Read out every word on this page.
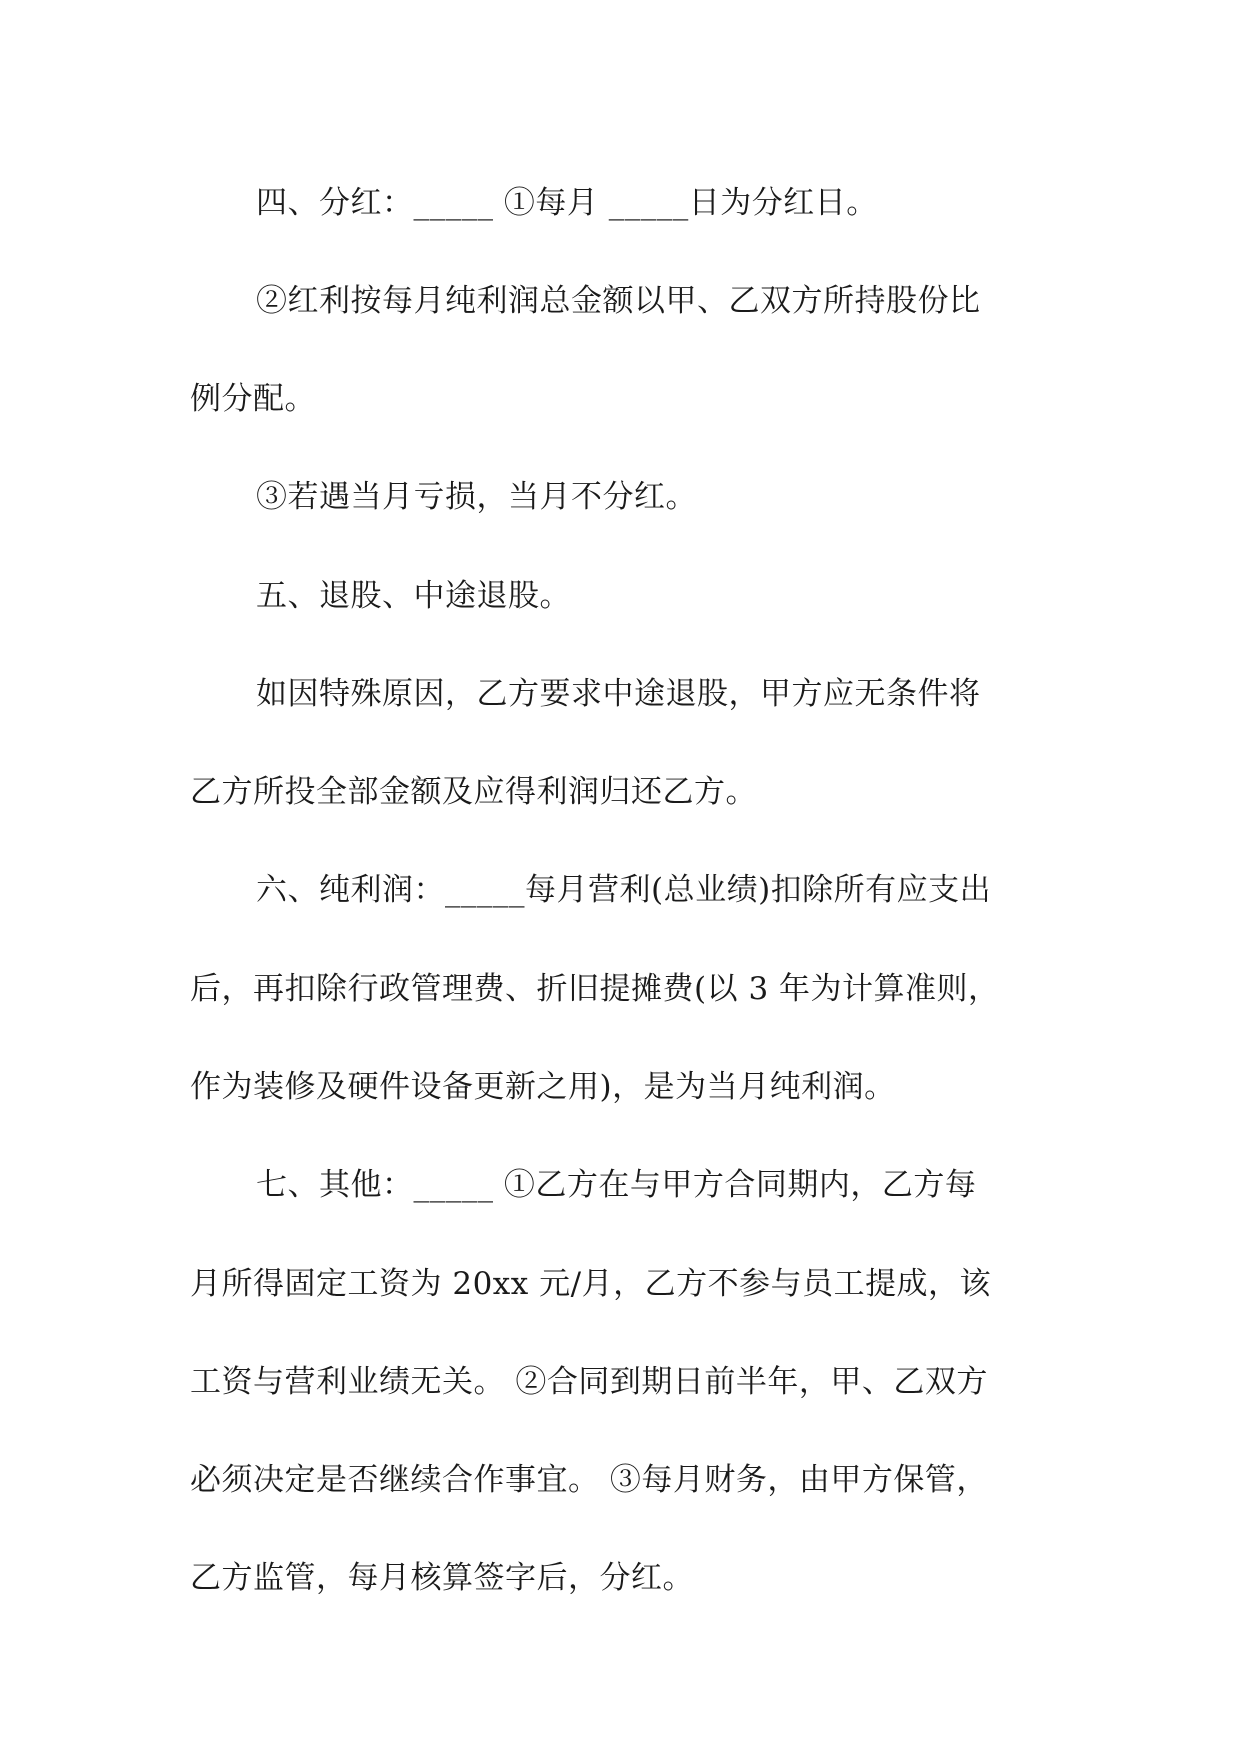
四、分红：_____ ①每月 _____日为分红日。
②红利按每月纯利润总金额以甲、乙双方所持股份比
例分配。
③若遇当月亏损，当月不分红。
五、退股、中途退股。
如因特殊原因，乙方要求中途退股，甲方应无条件将
乙方所投全部金额及应得利润归还乙方。
六、纯利润：_____每月营利(总业绩)扣除所有应支出
后，再扣除行政管理费、折旧提摊费(以 3 年为计算准则，
作为装修及硬件设备更新之用)，是为当月纯利润。
七、其他：_____ ①乙方在与甲方合同期内，乙方每
月所得固定工资为 20xx 元/月，乙方不参与员工提成，该
工资与营利业绩无关。 ②合同到期日前半年，甲、乙双方
必须决定是否继续合作事宜。 ③每月财务，由甲方保管，
乙方监管，每月核算签字后，分红。
